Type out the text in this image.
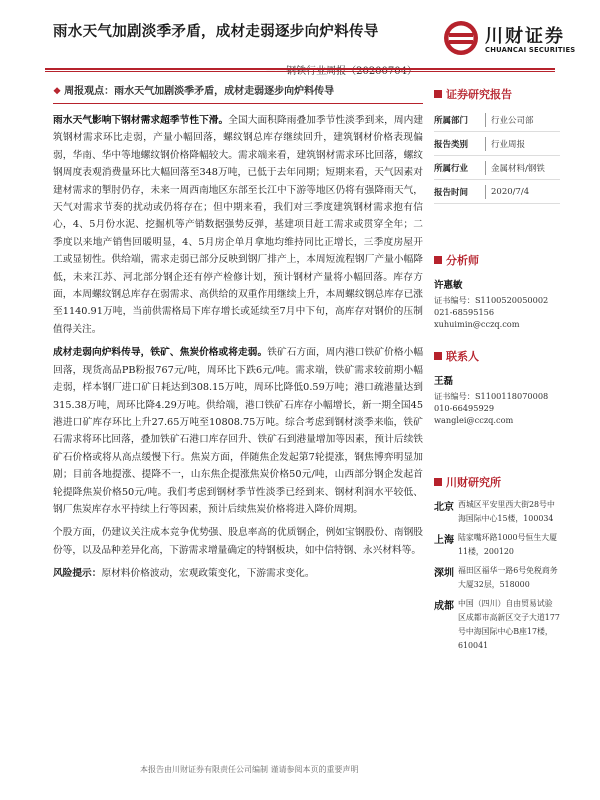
雨水天气加剧淡季矛盾，成材走弱逐步向炉料传导	川财证券
CHUANCAI SECURITIES
❖ 周报观点：雨水天气加剧淡季矛盾，成材走弱逐步向炉料传导

雨水天气影响下钢材需求超季节性下滑。全国大面积降雨叠加季节性淡季到来，周内建筑钢材需求环比走弱，产量小幅回落，螺纹钢总库存继续回升，建筑钢材价格表现偏弱，华南、华中等地螺纹钢价格降幅较大。需求端来看，建筑钢材需求环比回落，螺纹钢周度表观消费量环比大幅回落至348万吨，已低于去年同期；短期来看，天气因素对建材需求的掣肘仍存，未来一周西南地区东部至长江中下游等地区仍将有强降雨天气，天气对需求节奏的扰动或仍将存在；但中期来看，我们对三季度建筑钢材需求抱有信心，4、5月份水泥、挖掘机等产销数据强势反弹，基建项目赶工需求或贯穿全年；二季度以来地产销售回暖明显，4、5月房企单月拿地均维持同比正增长，三季度房屋开工或显韧性。供给端，需求走弱已部分反映到钢厂排产上，本周短流程钢厂产量小幅降低，未来江苏、河北部分钢企还有停产检修计划，预计钢材产量将小幅回落。库存方面，本周螺纹钢总库存在弱需求、高供给的双重作用继续上升，本周螺纹钢总库存已涨至1140.91万吨，当前供需格局下库存增长或延续至7月中下旬，高库存对钢价的压制值得关注。

成材走弱向炉料传导，铁矿、焦炭价格或将走弱。铁矿石方面，周内港口铁矿价格小幅回落，现货高品PB粉报767元/吨，周环比下跌6元/吨。需求端，铁矿需求较前期小幅走弱，样本钢厂进口矿日耗达到308.15万吨，周环比降低0.59万吨；港口疏港量达到315.38万吨，周环比降4.29万吨。供给端，港口铁矿石库存小幅增长，新一期全国45港进口矿库存环比上升27.65万吨至10808.75万吨。综合考虑到钢材淡季来临，铁矿石需求将环比回落，叠加铁矿石港口库存回升、铁矿石到港量增加等因素，预计后续铁矿石价格或将从高点缓慢下行。焦炭方面，伴随焦企发起第7轮提涨，钢焦博弈明显加剧；目前各地提涨、提降不一，山东焦企提涨焦炭价格50元/吨，山西部分钢企发起首轮提降焦炭价格50元/吨。我们考虑到钢材季节性淡季已经到来、钢材利润水平较低、钢厂焦炭库存水平持续上行等因素，预计后续焦炭价格将进入降价周期。

个股方面，仍建议关注成本竞争优势强、股息率高的优质钢企，例如宝钢股份、南钢股份等，以及品种差异化高，下游需求增量确定的特钢板块，如中信特钢、永兴材料等。

风险提示：原材料价格波动，宏观政策变化，下游需求变化。
本报告由川财证券有限责任公司编制 谨请参阅本页的重要声明
证券研究报告
所属部门	行业公司部
报告类别	行业周报
所属行业	金属材料/钢铁
报告时间	2020/7/4
分析师
许惠敏
证书编号：S1100520050002
021-68595156
xuhuimin@cczq.com
联系人
王磊
证书编号：S1100118070008
010-66495929
wanglei@cczq.com
川财研究所
北京 西城区平安里西大街28号中海国际中心15楼，100034
上海 陆家嘴环路1000号恒生大厦11楼，200120
深圳 福田区福华一路6号免税商务大厦32层，518000
成都 中国（四川）自由贸易试验区成都市高新区交子大道177号中海国际中心B座17楼，610041
